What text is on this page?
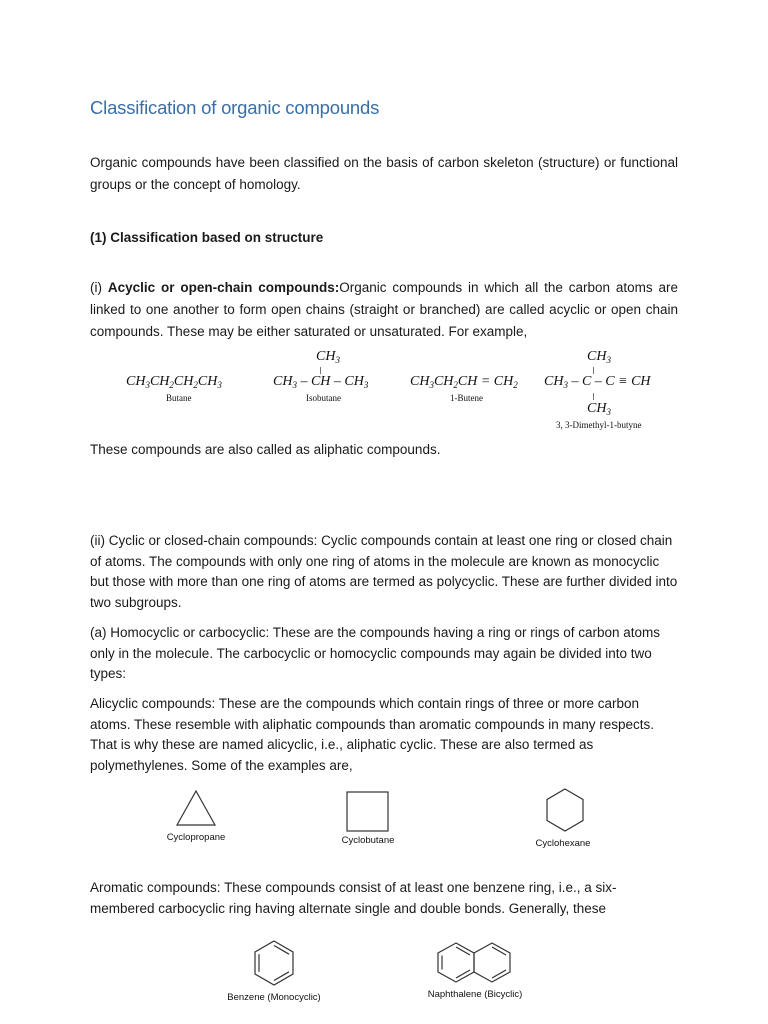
Classification of organic compounds
Organic compounds have been classified on the basis of carbon skeleton (structure) or functional groups or the concept of homology.
(1) Classification based on structure
(i) Acyclic or open-chain compounds:Organic compounds in which all the carbon atoms are linked to one another to form open chains (straight or branched) are called acyclic or open chain compounds. These may be either saturated or unsaturated. For example,
$CH_3CH_2CH_2CH_3$
Butane
$CH_3$
$CH_3$ – CH – $CH_3$
Isobutane
$CH_3CH_2CH = CH_2$
1-Butene
$CH_3$
$CH_3$ – C – C ≡ CH
$CH_3$
3, 3-Dimethyl-1-butyne
These compounds are also called as aliphatic compounds.
(ii) Cyclic or closed-chain compounds: Cyclic compounds contain at least one ring or closed chain of atoms. The compounds with only one ring of atoms in the molecule are known as monocyclic but those with more than one ring of atoms are termed as polycyclic. These are further divided into two subgroups.
(a) Homocyclic or carbocyclic: These are the compounds having a ring or rings of carbon atoms only in the molecule. The carbocyclic or homocyclic compounds may again be divided into two types:
Alicyclic compounds: These are the compounds which contain rings of three or more carbon atoms. These resemble with aliphatic compounds than aromatic compounds in many respects. That is why these are named alicyclic, i.e., aliphatic cyclic. These are also termed as polymethylenes. Some of the examples are,
Cyclopropane	Cyclobutane	Cyclohexane
Aromatic compounds: These compounds consist of at least one benzene ring, i.e., a six-membered carbocyclic ring having alternate single and double bonds. Generally, these
Benzene (Monocyclic)	Naphthalene (Bicyclic)
